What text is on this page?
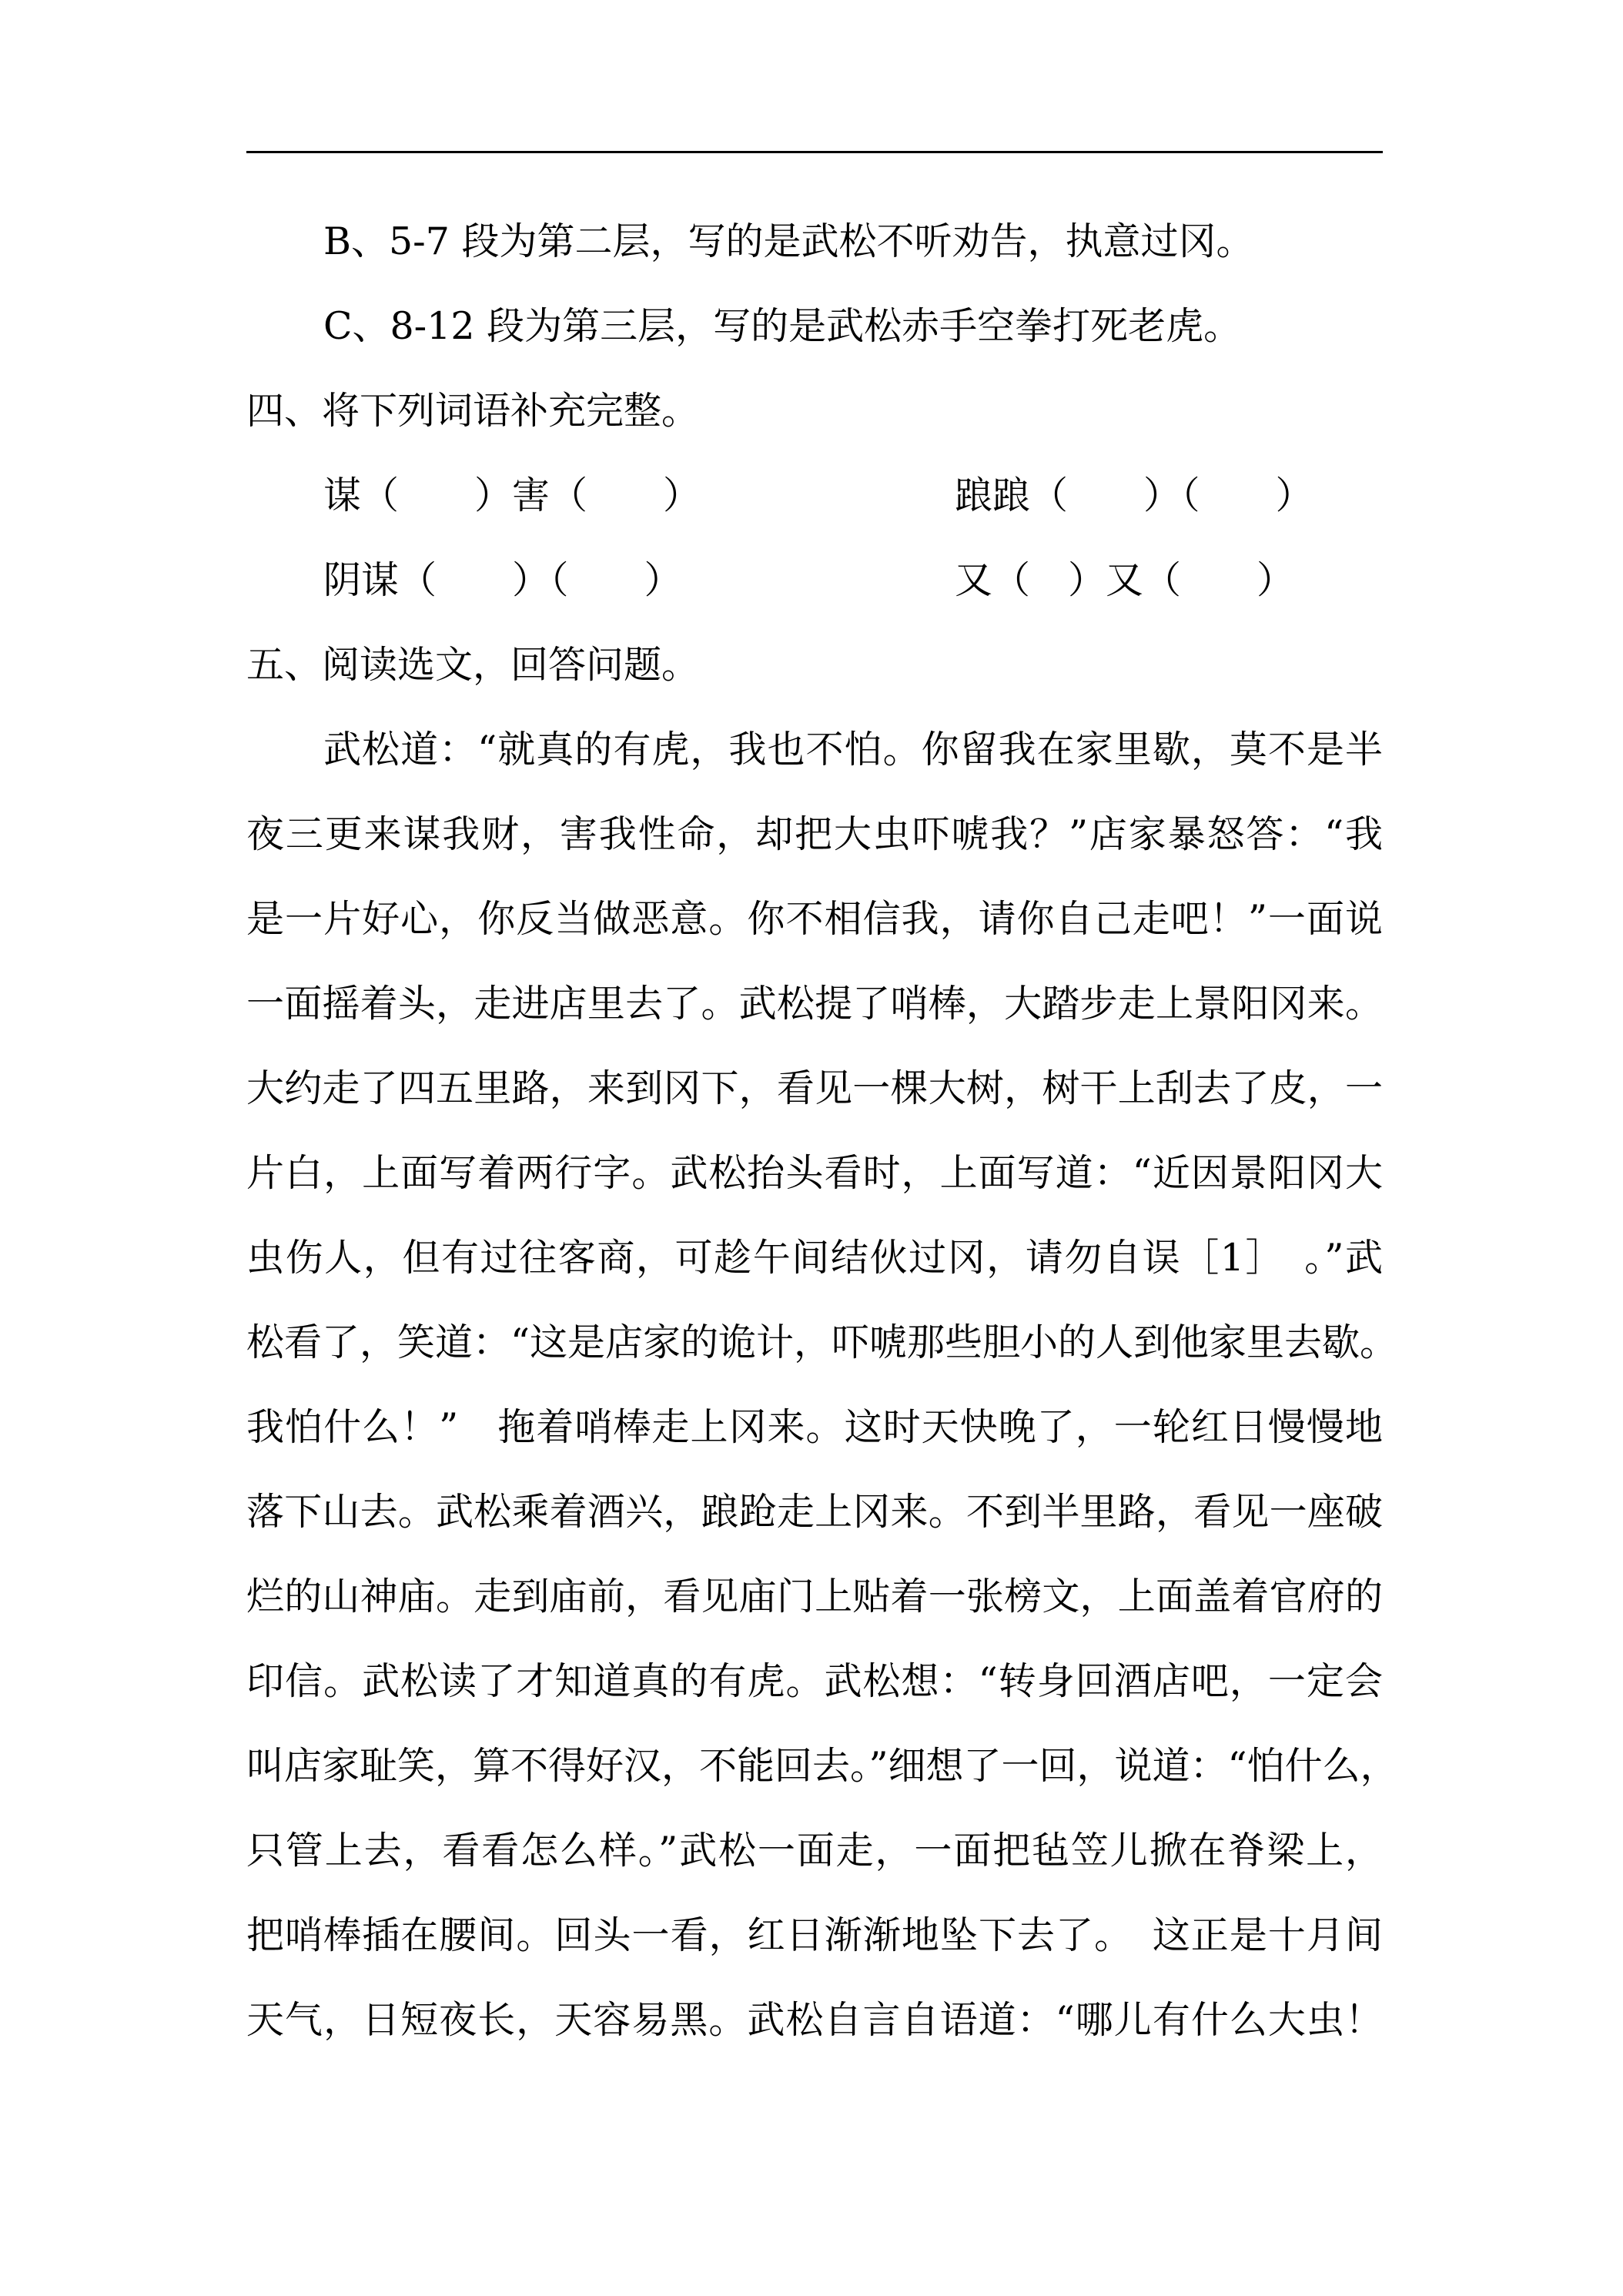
B、5-7 段为第二层，写的是武松不听劝告，执意过冈。
C、8-12 段为第三层，写的是武松赤手空拳打死老虎。
四、将下列词语补充完整。
谋（　　）害（　　）	踉踉（　　）（　　）
阴谋（　　）（　　）	又（　）又（　　）
五、阅读选文，回答问题。
武松道：“就真的有虎，我也不怕。你留我在家里歇，莫不是半
夜三更来谋我财，害我性命，却把大虫吓唬我？”店家暴怒答：“我
是一片好心，你反当做恶意。你不相信我，请你自己走吧！”一面说
一面摇着头，走进店里去了。武松提了哨棒，大踏步走上景阳冈来。
大约走了四五里路，来到冈下，看见一棵大树，树干上刮去了皮，一
片白，上面写着两行字。武松抬头看时，上面写道：“近因景阳冈大
虫伤人，但有过往客商，可趁午间结伙过冈，请勿自误［1］　。”武
松看了，笑道：“这是店家的诡计，吓唬那些胆小的人到他家里去歇。
我怕什么！”　拖着哨棒走上冈来。这时天快晚了，一轮红日慢慢地
落下山去。武松乘着酒兴，踉跄走上冈来。不到半里路，看见一座破
烂的山神庙。走到庙前，看见庙门上贴着一张榜文，上面盖着官府的
印信。武松读了才知道真的有虎。武松想：“转身回酒店吧，一定会
叫店家耻笑，算不得好汉，不能回去。”细想了一回，说道：“怕什么，
只管上去，看看怎么样。”武松一面走，一面把毡笠儿掀在脊梁上，
把哨棒插在腰间。回头一看，红日渐渐地坠下去了。　这正是十月间
天气，日短夜长，天容易黑。武松自言自语道：“哪儿有什么大虫！
